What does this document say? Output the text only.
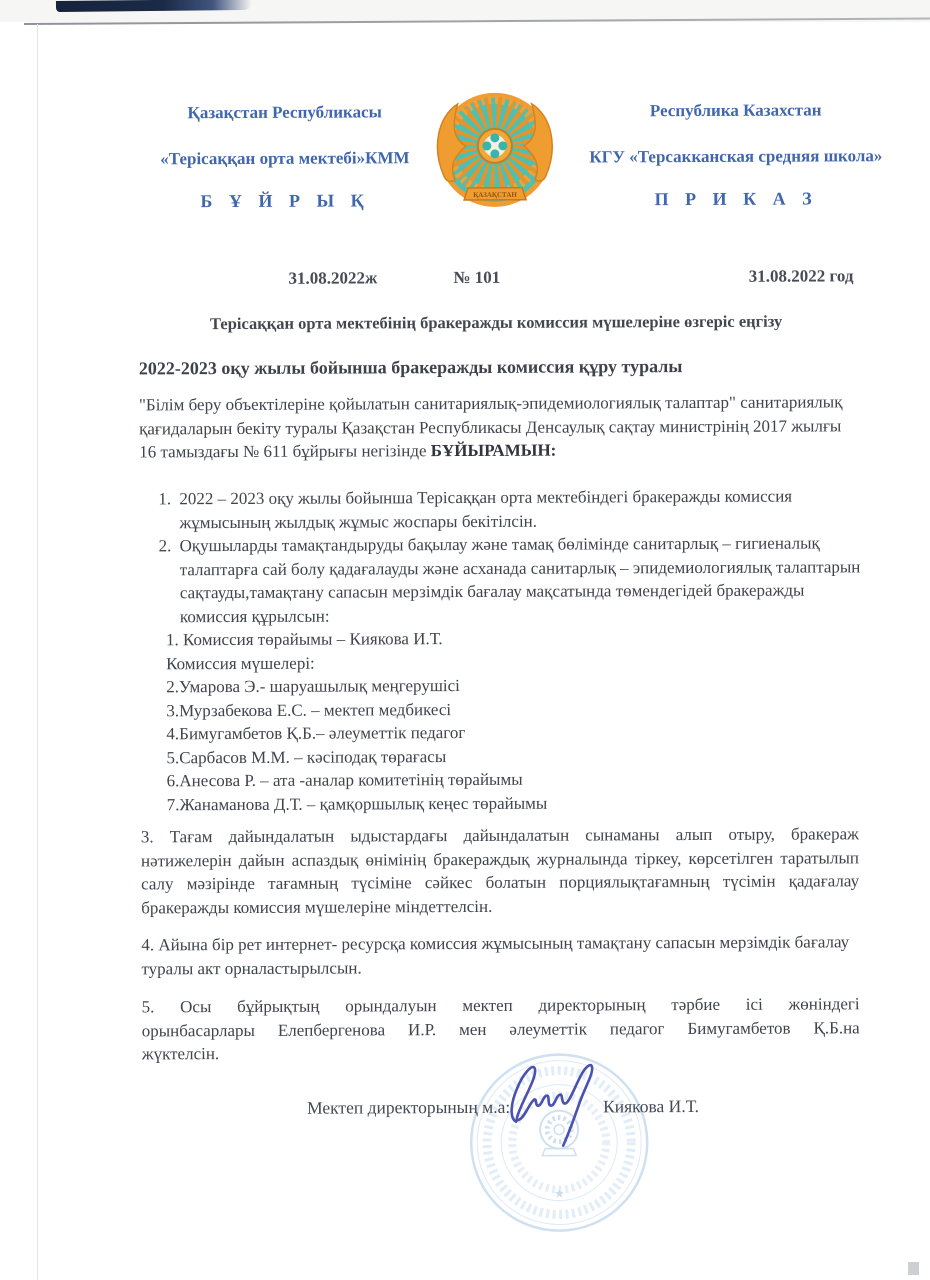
Қазақстан Республикасы
«Терісаққан орта мектебі»КММ
Б Ұ Й Р Ы Қ	ҚАЗАҚСТАН
Республика Казахстан
КГУ «Терсакканская средняя школа»
П Р И К А З
31.08.2022ж	№ 101	31.08.2022 год
Терісаққан орта мектебінің бракеражды комиссия мүшелеріне өзгеріс еңгізу
2022-2023 оқу жылы бойынша бракеражды комиссия құру туралы
"Білім беру объектілеріне қойылатын санитариялық-эпидемиологиялық талаптар" санитариялық қағидаларын бекіту туралы Қазақстан Республикасы Денсаулық сақтау министрінің 2017 жылғы 16 тамыздағы № 611 бұйрығы негізінде БҰЙЫРАМЫН:
1. 2022 – 2023 оқу жылы бойынша Терісаққан орта мектебіндегі бракеражды комиссия жұмысының жылдық жұмыс жоспары бекітілсін.
2. Оқушыларды тамақтандыруды бақылау және тамақ бөлімінде санитарлық – гигиеналық талаптарға сай болу қадағалауды және асханада санитарлық – эпидемиологиялық талаптарын сақтауды,тамақтану сапасын мерзімдік бағалау мақсатында төмендегідей бракеражды комиссия құрылсын:
1. Комиссия төрайымы – Киякова И.Т.
Комиссия мүшелері:
2.Умарова Э.- шаруашылық меңгерушісі
3.Мурзабекова Е.С. – мектеп медбикесі
4.Бимугамбетов Қ.Б.– әлеуметтік педагог
5.Сарбасов М.М. – кәсіподақ төрағасы
6.Анесова Р. – ата -аналар комитетінің төрайымы
7.Жанаманова Д.Т. – қамқоршылық кеңес төрайымы
3. Тағам дайындалатын ыдыстардағы дайындалатын сынаманы алып отыру, бракераж нәтижелерін дайын аспаздық өнімінің бракераждық журналында тіркеу, көрсетілген таратылып салу мәзірінде тағамның түсіміне сәйкес болатын порциялықтағамның түсімін қадағалау бракеражды комиссия мүшелеріне міндеттелсін.
4. Айына бір рет интернет- ресурсқа комиссия жұмысының тамақтану сапасын мерзімдік бағалау туралы акт орналастырылсын.
5. Осы бұйрықтың орындалуын мектеп директорының тәрбие ісі жөніндегі орынбасарлары Елепбергенова И.Р. мен әлеуметтік педагог Бимугамбетов Қ.Б.на жүктелсін.
★
Мектеп директорының м.а:	Киякова И.Т.
